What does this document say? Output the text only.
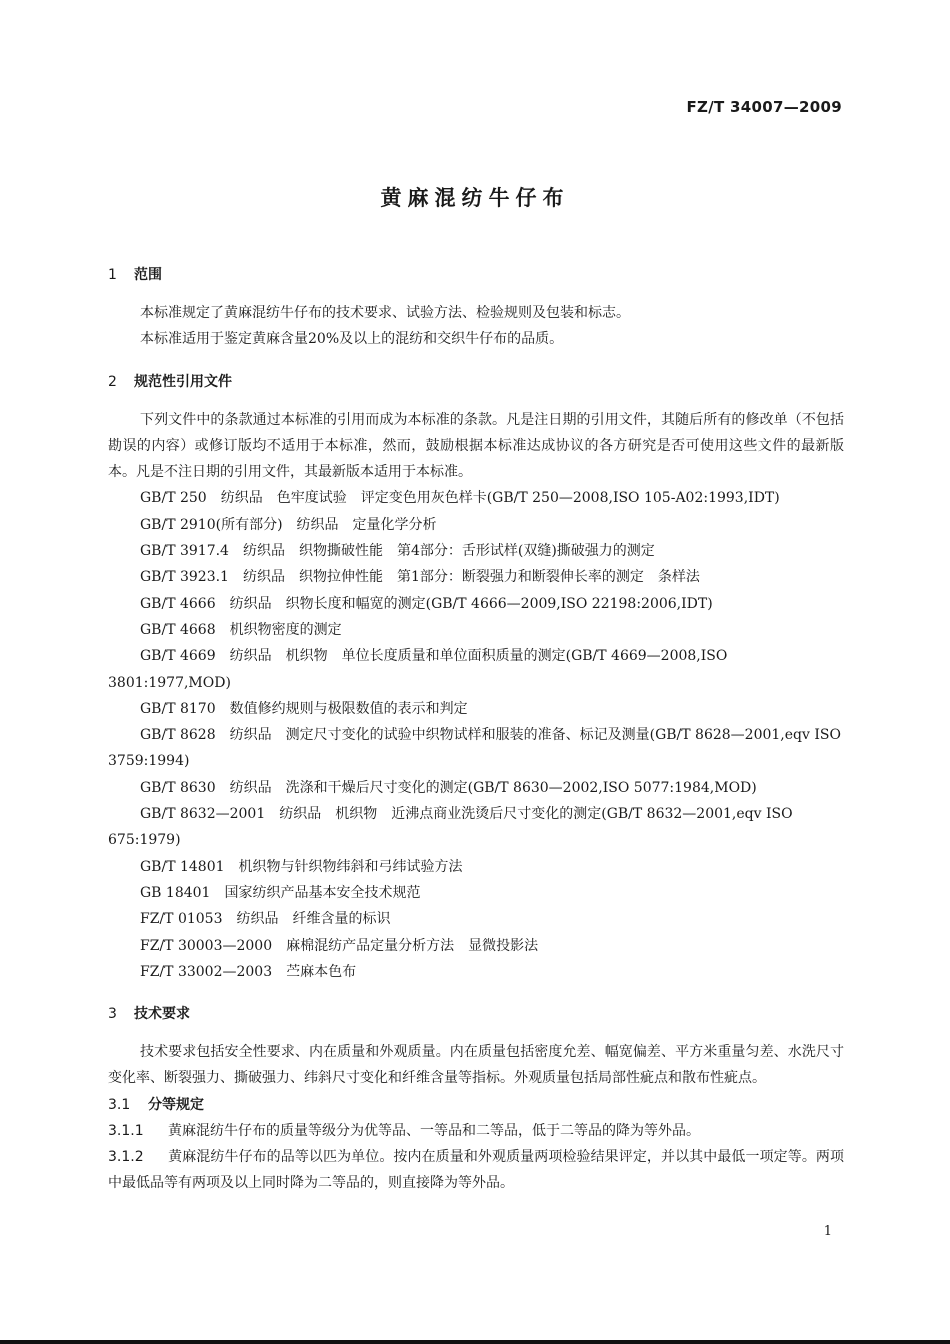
FZ/T 34007—2009
黄麻混纺牛仔布
1 范围
本标准规定了黄麻混纺牛仔布的技术要求、试验方法、检验规则及包装和标志。
本标准适用于鉴定黄麻含量20%及以上的混纺和交织牛仔布的品质。
2 规范性引用文件
下列文件中的条款通过本标准的引用而成为本标准的条款。凡是注日期的引用文件，其随后所有的修改单（不包括勘误的内容）或修订版均不适用于本标准，然而，鼓励根据本标准达成协议的各方研究是否可使用这些文件的最新版本。凡是不注日期的引用文件，其最新版本适用于本标准。
GB/T 250 纺织品　色牢度试验　评定变色用灰色样卡(GB/T 250—2008,ISO 105-A02:1993,IDT)
GB/T 2910(所有部分) 纺织品　定量化学分析
GB/T 3917.4 纺织品　织物撕破性能　第4部分：舌形试样(双缝)撕破强力的测定
GB/T 3923.1 纺织品　织物拉伸性能　第1部分：断裂强力和断裂伸长率的测定　条样法
GB/T 4666 纺织品　织物长度和幅宽的测定(GB/T 4666—2009,ISO 22198:2006,IDT)
GB/T 4668 机织物密度的测定
GB/T 4669 纺织品　机织物　单位长度质量和单位面积质量的测定(GB/T 4669—2008,ISO 3801:1977,MOD)
GB/T 8170 数值修约规则与极限数值的表示和判定
GB/T 8628 纺织品　测定尺寸变化的试验中织物试样和服装的准备、标记及测量(GB/T 8628—2001,eqv ISO 3759:1994)
GB/T 8630 纺织品　洗涤和干燥后尺寸变化的测定(GB/T 8630—2002,ISO 5077:1984,MOD)
GB/T 8632—2001 纺织品　机织物　近沸点商业洗烫后尺寸变化的测定(GB/T 8632—2001,eqv ISO 675:1979)
GB/T 14801 机织物与针织物纬斜和弓纬试验方法
GB 18401 国家纺织产品基本安全技术规范
FZ/T 01053 纺织品　纤维含量的标识
FZ/T 30003—2000 麻棉混纺产品定量分析方法　显微投影法
FZ/T 33002—2003 苎麻本色布
3 技术要求
技术要求包括安全性要求、内在质量和外观质量。内在质量包括密度允差、幅宽偏差、平方米重量匀差、水洗尺寸变化率、断裂强力、撕破强力、纬斜尺寸变化和纤维含量等指标。外观质量包括局部性疵点和散布性疵点。
3.1 分等规定
3.1.1 黄麻混纺牛仔布的质量等级分为优等品、一等品和二等品，低于二等品的降为等外品。
3.1.2 黄麻混纺牛仔布的品等以匹为单位。按内在质量和外观质量两项检验结果评定，并以其中最低一项定等。两项中最低品等有两项及以上同时降为二等品的，则直接降为等外品。
1
